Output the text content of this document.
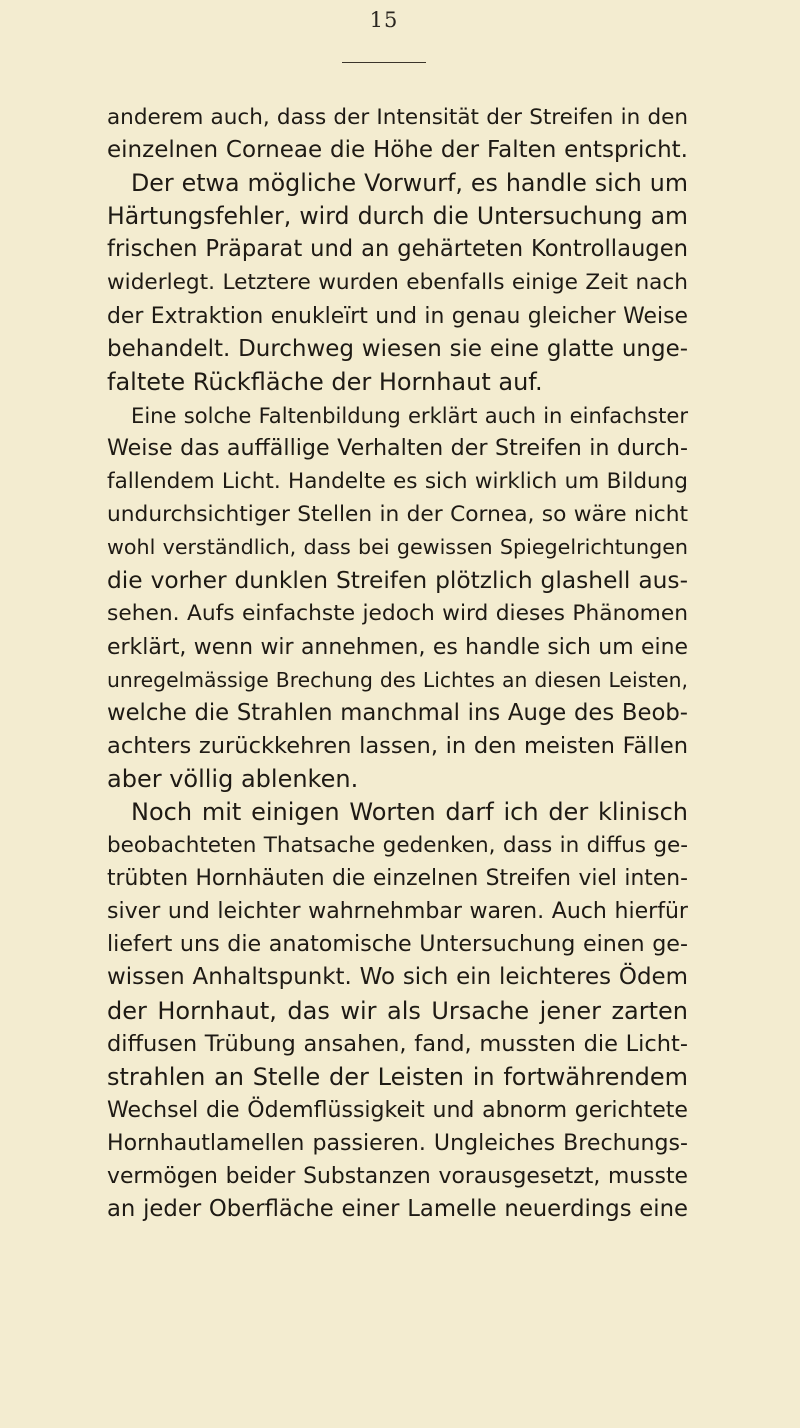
15
anderem auch, dass der Intensität der Streifen in den
einzelnen Corneae die Höhe der Falten entspricht.
Der etwa mögliche Vorwurf, es handle sich um
Härtungsfehler, wird durch die Untersuchung am
frischen Präparat und an gehärteten Kontrollaugen
widerlegt. Letztere wurden ebenfalls einige Zeit nach
der Extraktion enukleïrt und in genau gleicher Weise
behandelt. Durchweg wiesen sie eine glatte unge-
faltete Rückfläche der Hornhaut auf.
Eine solche Faltenbildung erklärt auch in einfachster
Weise das auffällige Verhalten der Streifen in durch-
fallendem Licht. Handelte es sich wirklich um Bildung
undurchsichtiger Stellen in der Cornea, so wäre nicht
wohl verständlich, dass bei gewissen Spiegelrichtungen
die vorher dunklen Streifen plötzlich glashell aus-
sehen. Aufs einfachste jedoch wird dieses Phänomen
erklärt, wenn wir annehmen, es handle sich um eine
unregelmässige Brechung des Lichtes an diesen Leisten,
welche die Strahlen manchmal ins Auge des Beob-
achters zurückkehren lassen, in den meisten Fällen
aber völlig ablenken.
Noch mit einigen Worten darf ich der klinisch
beobachteten Thatsache gedenken, dass in diffus ge-
trübten Hornhäuten die einzelnen Streifen viel inten-
siver und leichter wahrnehmbar waren. Auch hierfür
liefert uns die anatomische Untersuchung einen ge-
wissen Anhaltspunkt. Wo sich ein leichteres Ödem
der Hornhaut, das wir als Ursache jener zarten
diffusen Trübung ansahen, fand, mussten die Licht-
strahlen an Stelle der Leisten in fortwährendem
Wechsel die Ödemflüssigkeit und abnorm gerichtete
Hornhautlamellen passieren. Ungleiches Brechungs-
vermögen beider Substanzen vorausgesetzt, musste
an jeder Oberfläche einer Lamelle neuerdings eine
